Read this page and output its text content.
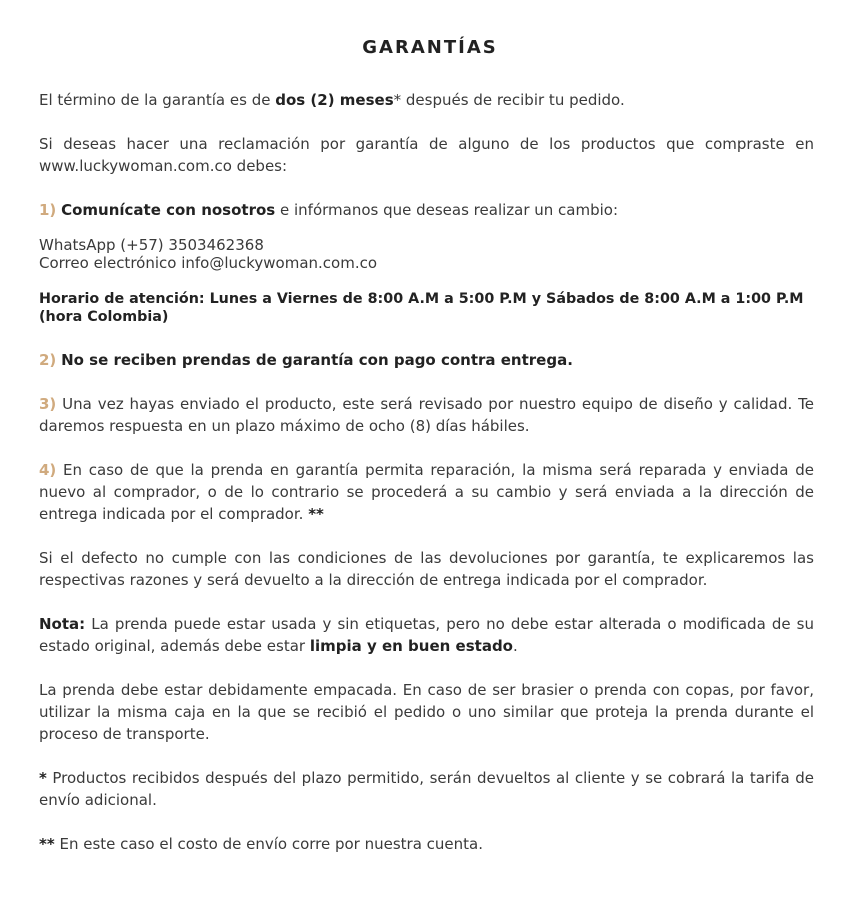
GARANTÍAS

El término de la garantía es de dos (2) meses* después de recibir tu pedido.

Si deseas hacer una reclamación por garantía de alguno de los productos que compraste en www.luckywoman.com.co debes:

1) Comunícate con nosotros e infórmanos que deseas realizar un cambio:

WhatsApp (+57) 3503462368
Correo electrónico info@luckywoman.com.co

Horario de atención: Lunes a Viernes de 8:00 A.M a 5:00 P.M y Sábados de 8:00 A.M a 1:00 P.M
(hora Colombia)

2) No se reciben prendas de garantía con pago contra entrega.

3) Una vez hayas enviado el producto, este será revisado por nuestro equipo de diseño y calidad. Te daremos respuesta en un plazo máximo de ocho (8) días hábiles.

4) En caso de que la prenda en garantía permita reparación, la misma será reparada y enviada de nuevo al comprador, o de lo contrario se procederá a su cambio y será enviada a la dirección de entrega indicada por el comprador. **

Si el defecto no cumple con las condiciones de las devoluciones por garantía, te explicaremos las respectivas razones y será devuelto a la dirección de entrega indicada por el comprador.

Nota: La prenda puede estar usada y sin etiquetas, pero no debe estar alterada o modificada de su estado original, además debe estar limpia y en buen estado.

La prenda debe estar debidamente empacada. En caso de ser brasier o prenda con copas, por favor, utilizar la misma caja en la que se recibió el pedido o uno similar que proteja la prenda durante el proceso de transporte.

* Productos recibidos después del plazo permitido, serán devueltos al cliente y se cobrará la tarifa de envío adicional.

** En este caso el costo de envío corre por nuestra cuenta.
